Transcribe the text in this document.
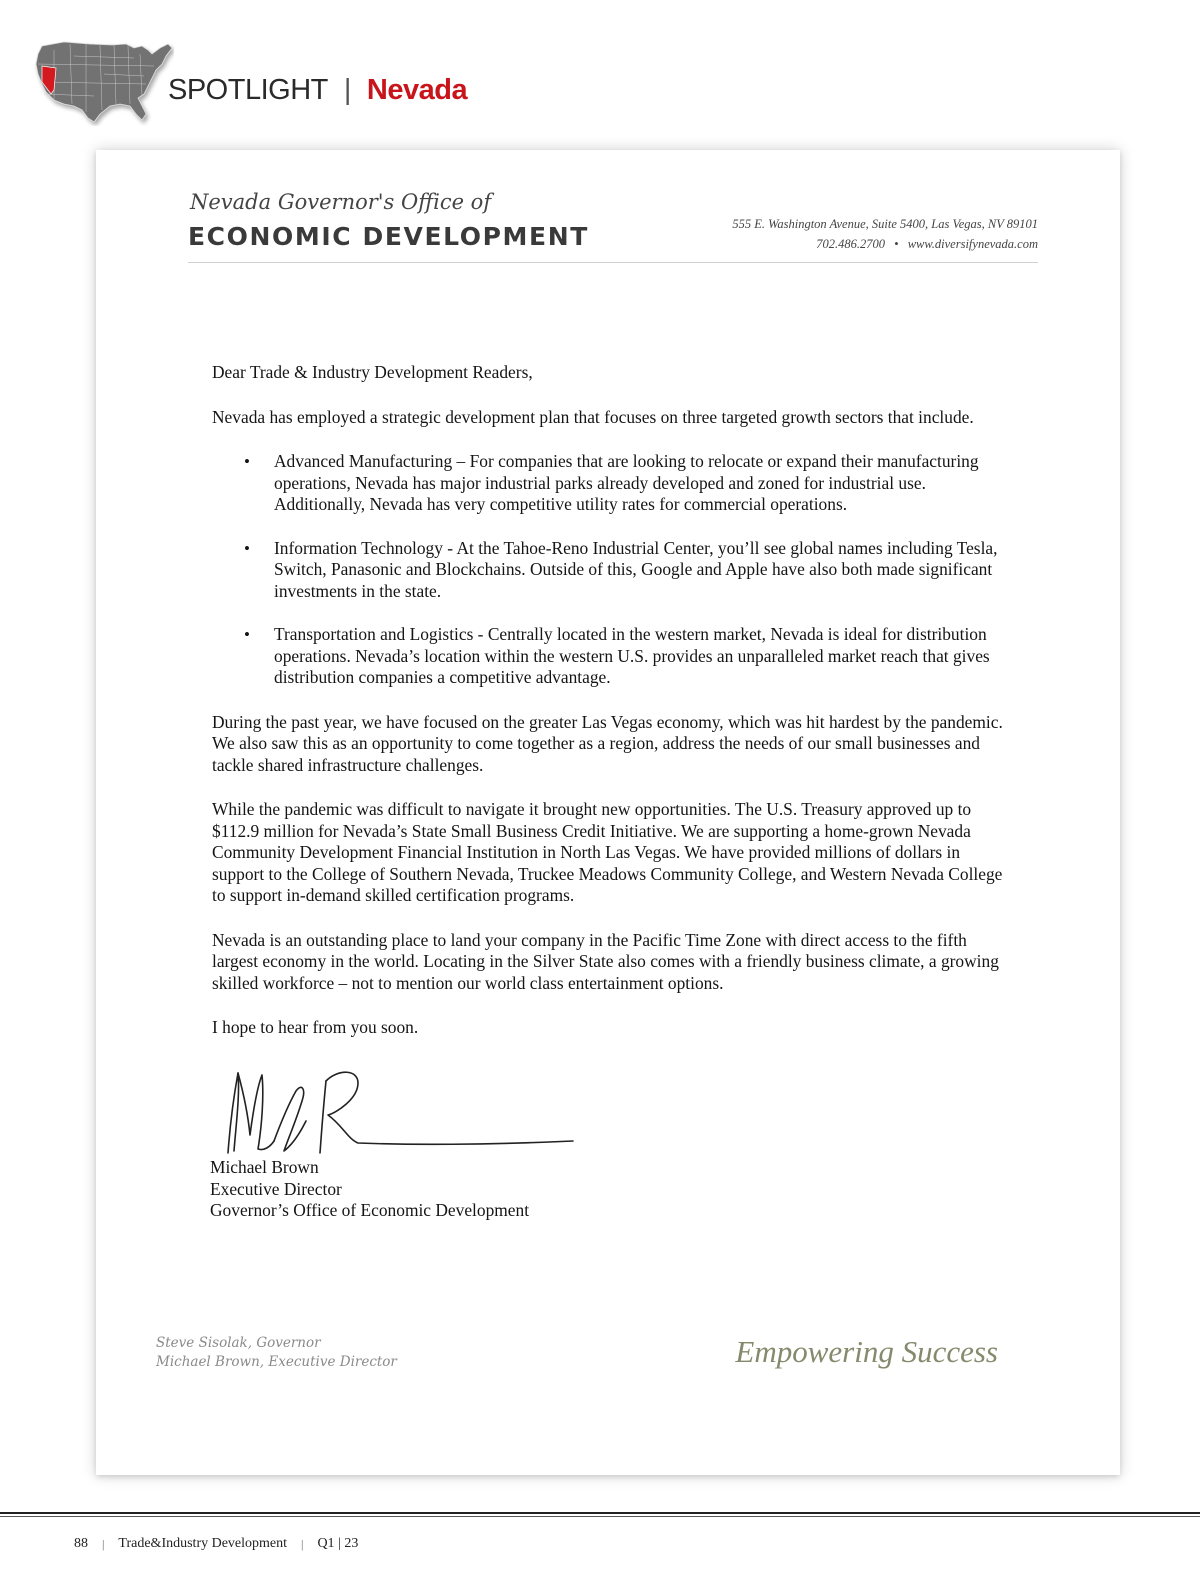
SPOTLIGHT | Nevada
Nevada Governor's Office of
ECONOMIC DEVELOPMENT	555 E. Washington Avenue, Suite 5400, Las Vegas, NV 89101
702.486.2700 • www.diversifynevada.com

Dear Trade & Industry Development Readers,

Nevada has employed a strategic development plan that focuses on three targeted growth sectors that include.

• Advanced Manufacturing – For companies that are looking to relocate or expand their manufacturing operations, Nevada has major industrial parks already developed and zoned for industrial use. Additionally, Nevada has very competitive utility rates for commercial operations.
• Information Technology - At the Tahoe-Reno Industrial Center, you’ll see global names including Tesla, Switch, Panasonic and Blockchains. Outside of this, Google and Apple have also both made significant investments in the state.
• Transportation and Logistics - Centrally located in the western market, Nevada is ideal for distribution operations. Nevada’s location within the western U.S. provides an unparalleled market reach that gives distribution companies a competitive advantage.

During the past year, we have focused on the greater Las Vegas economy, which was hit hardest by the pandemic. We also saw this as an opportunity to come together as a region, address the needs of our small businesses and tackle shared infrastructure challenges.

While the pandemic was difficult to navigate it brought new opportunities. The U.S. Treasury approved up to $112.9 million for Nevada’s State Small Business Credit Initiative. We are supporting a home-grown Nevada Community Development Financial Institution in North Las Vegas. We have provided millions of dollars in support to the College of Southern Nevada, Truckee Meadows Community College, and Western Nevada College to support in-demand skilled certification programs.

Nevada is an outstanding place to land your company in the Pacific Time Zone with direct access to the fifth largest economy in the world. Locating in the Silver State also comes with a friendly business climate, a growing skilled workforce – not to mention our world class entertainment options.

I hope to hear from you soon.

Michael Brown
Executive Director
Governor’s Office of Economic Development
Steve Sisolak, Governor
Michael Brown, Executive Director	Empowering Success
88 | Trade&Industry Development | Q1 | 23
